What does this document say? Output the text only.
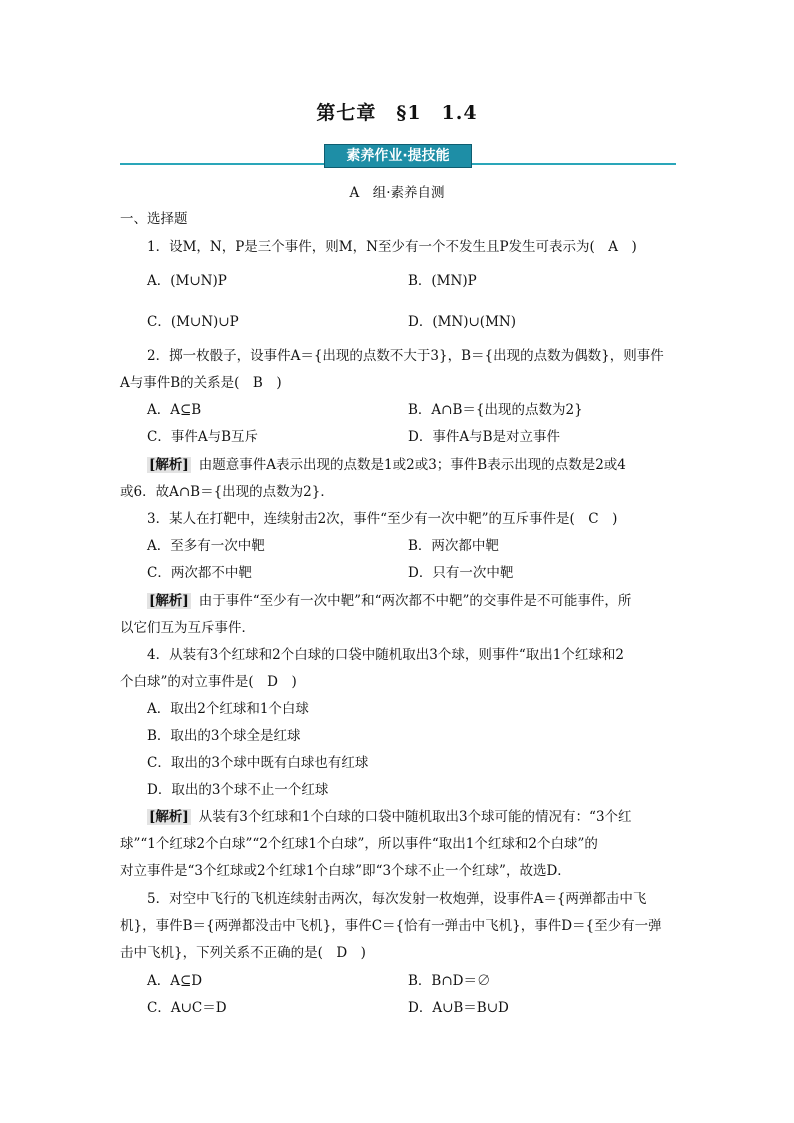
第七章　§1　1.4
素养作业·提技能
A　组·素养自测
一、选择题
1．设M，N，P是三个事件，则M，N至少有一个不发生且P发生可表示为(　A　)
A．(M∪N)P	B．(MN)P
C．(M∪N)∪P	D．(MN)∪(MN)
2．掷一枚骰子，设事件A＝{出现的点数不大于3}，B＝{出现的点数为偶数}，则事件
A与事件B的关系是(　B　)
A．A⊆B	B．A∩B＝{出现的点数为2}
C．事件A与B互斥	D．事件A与B是对立事件
[解析] 由题意事件A表示出现的点数是1或2或3；事件B表示出现的点数是2或4
或6．故A∩B＝{出现的点数为2}．
3．某人在打靶中，连续射击2次，事件“至少有一次中靶”的互斥事件是(　C　)
A．至多有一次中靶	B．两次都中靶
C．两次都不中靶	D．只有一次中靶
[解析] 由于事件“至少有一次中靶”和“两次都不中靶”的交事件是不可能事件，所
以它们互为互斥事件．
4．从装有3个红球和2个白球的口袋中随机取出3个球，则事件“取出1个红球和2
个白球”的对立事件是(　D　)
A．取出2个红球和1个白球
B．取出的3个球全是红球
C．取出的3个球中既有白球也有红球
D．取出的3个球不止一个红球
[解析] 从装有3个红球和1个白球的口袋中随机取出3个球可能的情况有：“3个红
球”“1个红球2个白球”“2个红球1个白球”，所以事件“取出1个红球和2个白球”的
对立事件是“3个红球或2个红球1个白球”即“3个球不止一个红球”，故选D．
5．对空中飞行的飞机连续射击两次，每次发射一枚炮弹，设事件A＝{两弹都击中飞
机}，事件B＝{两弹都没击中飞机}，事件C＝{恰有一弹击中飞机}，事件D＝{至少有一弹
击中飞机}，下列关系不正确的是(　D　)
A．A⊆D	B．B∩D＝∅
C．A∪C＝D	D．A∪B＝B∪D
